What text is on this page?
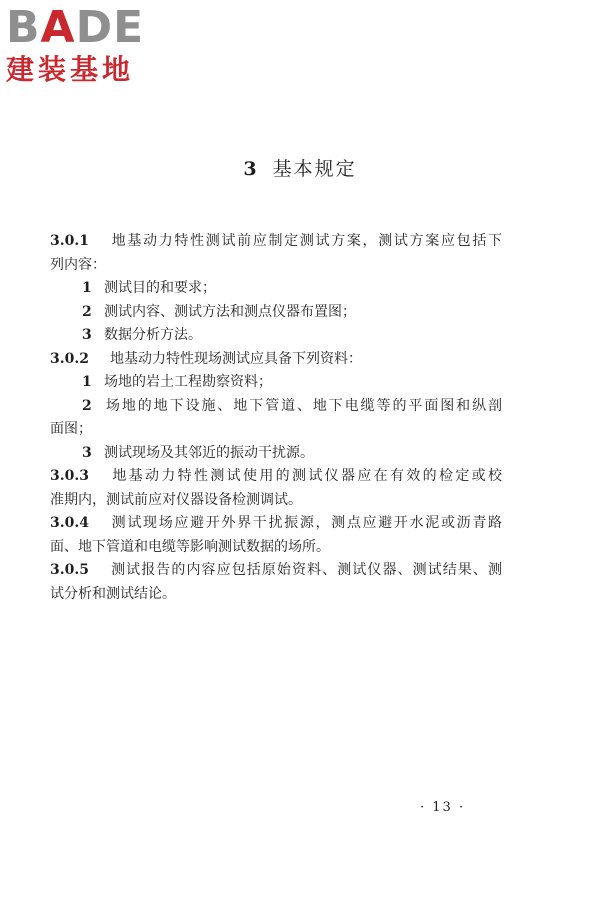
BADE
建装基地
3 基本规定
3.0.1 地基动力特性测试前应制定测试方案，测试方案应包括下
列内容：
1 测试目的和要求；
2 测试内容、测试方法和测点仪器布置图；
3 数据分析方法。
3.0.2 地基动力特性现场测试应具备下列资料：
1 场地的岩土工程勘察资料；
2 场地的地下设施、地下管道、地下电缆等的平面图和纵剖
面图；
3 测试现场及其邻近的振动干扰源。
3.0.3 地基动力特性测试使用的测试仪器应在有效的检定或校
准期内，测试前应对仪器设备检测调试。
3.0.4 测试现场应避开外界干扰振源，测点应避开水泥或沥青路
面、地下管道和电缆等影响测试数据的场所。
3.0.5 测试报告的内容应包括原始资料、测试仪器、测试结果、测
试分析和测试结论。
· 13 ·
